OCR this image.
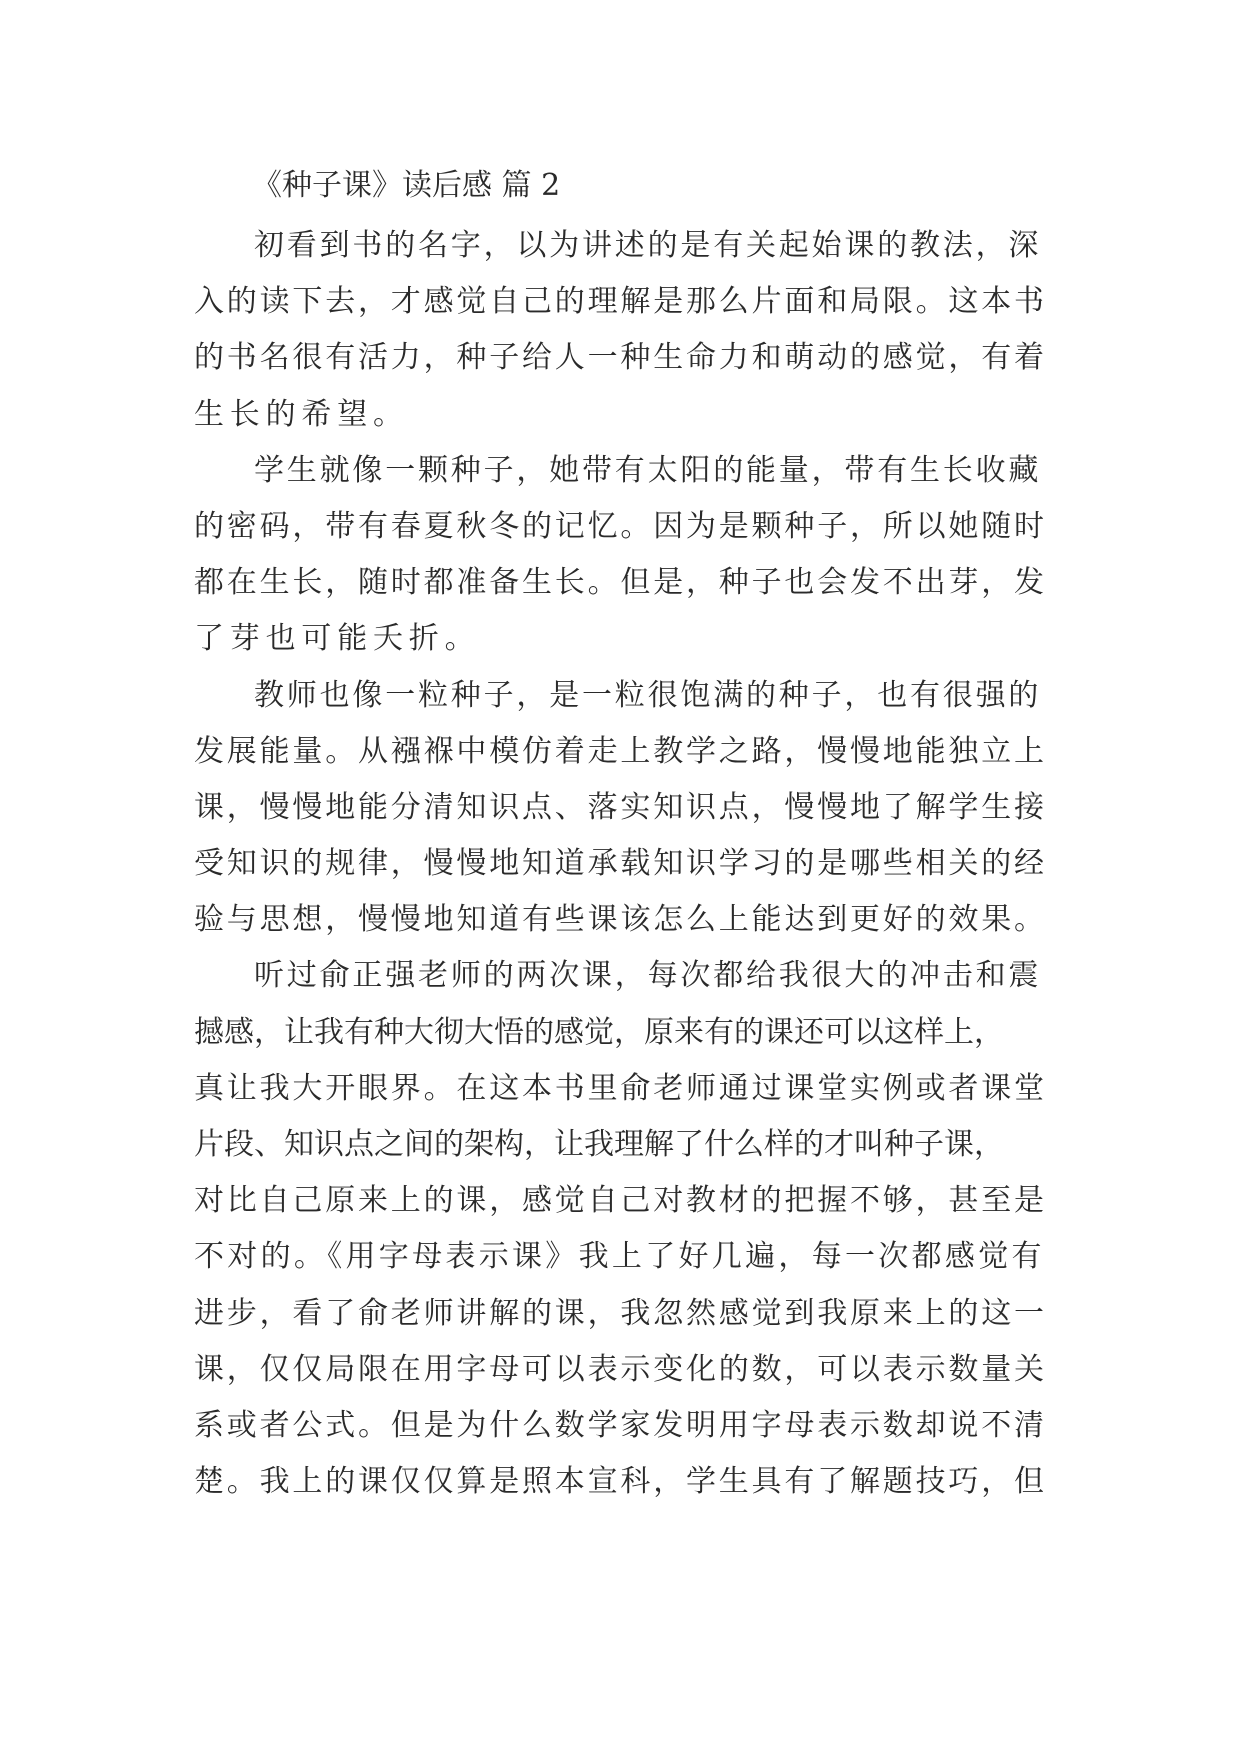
《种子课》读后感 篇 2
初看到书的名字，以为讲述的是有关起始课的教法，深
入的读下去，才感觉自己的理解是那么片面和局限。这本书
的书名很有活力，种子给人一种生命力和萌动的感觉，有着
生长的希望。
学生就像一颗种子，她带有太阳的能量，带有生长收藏
的密码，带有春夏秋冬的记忆。因为是颗种子，所以她随时
都在生长，随时都准备生长。但是，种子也会发不出芽，发
了芽也可能夭折。
教师也像一粒种子，是一粒很饱满的种子，也有很强的
发展能量。从襁褓中模仿着走上教学之路，慢慢地能独立上
课，慢慢地能分清知识点、落实知识点，慢慢地了解学生接
受知识的规律，慢慢地知道承载知识学习的是哪些相关的经
验与思想，慢慢地知道有些课该怎么上能达到更好的效果。
听过俞正强老师的两次课，每次都给我很大的冲击和震
撼感，让我有种大彻大悟的感觉，原来有的课还可以这样上，
真让我大开眼界。在这本书里俞老师通过课堂实例或者课堂
片段、知识点之间的架构，让我理解了什么样的才叫种子课，
对比自己原来上的课，感觉自己对教材的把握不够，甚至是
不对的。《用字母表示课》我上了好几遍，每一次都感觉有
进步，看了俞老师讲解的课，我忽然感觉到我原来上的这一
课，仅仅局限在用字母可以表示变化的数，可以表示数量关
系或者公式。但是为什么数学家发明用字母表示数却说不清
楚。我上的课仅仅算是照本宣科，学生具有了解题技巧，但
